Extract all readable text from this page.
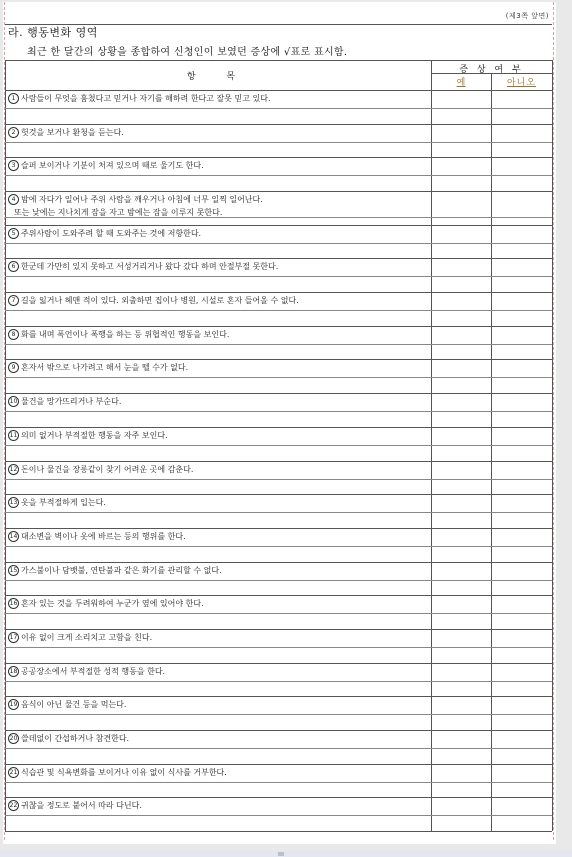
(제3쪽 앞면)
라. 행동변화 영역
최근 한 달간의 상황을 종합하여 신청인이 보였던 증상에 √표로 표시함.
항 목
증 상 여 부
예	아니오
1 사람들이 무엇을 훔쳤다고 믿거나 자기를 해하려 한다고 잘못 믿고 있다.
2 헛것을 보거나 환청을 듣는다.
3 슬퍼 보이거나 기분이 처져 있으며 때로 울기도 한다.
4 밤에 자다가 일어나 주위 사람을 깨우거나 아침에 너무 일찍 일어난다.
또는 낮에는 지나치게 잠을 자고 밤에는 잠을 이루지 못한다.
5 주위사람이 도와주려 할 때 도와주는 것에 저항한다.
6 한군데 가만히 있지 못하고 서성거리거나 왔다 갔다 하며 안절부절 못한다.
7 길을 잃거나 헤맨 적이 있다. 외출하면 집이나 병원, 시설로 혼자 들어올 수 없다.
8 화를 내며 폭언이나 폭행을 하는 등 위협적인 행동을 보인다.
9 혼자서 밖으로 나가려고 해서 눈을 뗄 수가 없다.
10 물건을 망가뜨리거나 부순다.
11 의미 없거나 부적절한 행동을 자주 보인다.
12 돈이나 물건을 장롱같이 찾기 어려운 곳에 감춘다.
13 옷을 부적절하게 입는다.
14 대소변을 벽이나 옷에 바르는 등의 행위를 한다.
15 가스불이나 담뱃불, 연탄불과 같은 화기를 관리할 수 없다.
16 혼자 있는 것을 두려워하여 누군가 옆에 있어야 한다.
17 이유 없이 크게 소리치고 고함을 친다.
18 공공장소에서 부적절한 성적 행동을 한다.
19 음식이 아닌 물건 등을 먹는다.
20 쓸데없이 간섭하거나 참견한다.
21 식습관 및 식욕변화를 보이거나 이유 없이 식사를 거부한다.
22 귀찮을 정도로 붙어서 따라 다닌다.
